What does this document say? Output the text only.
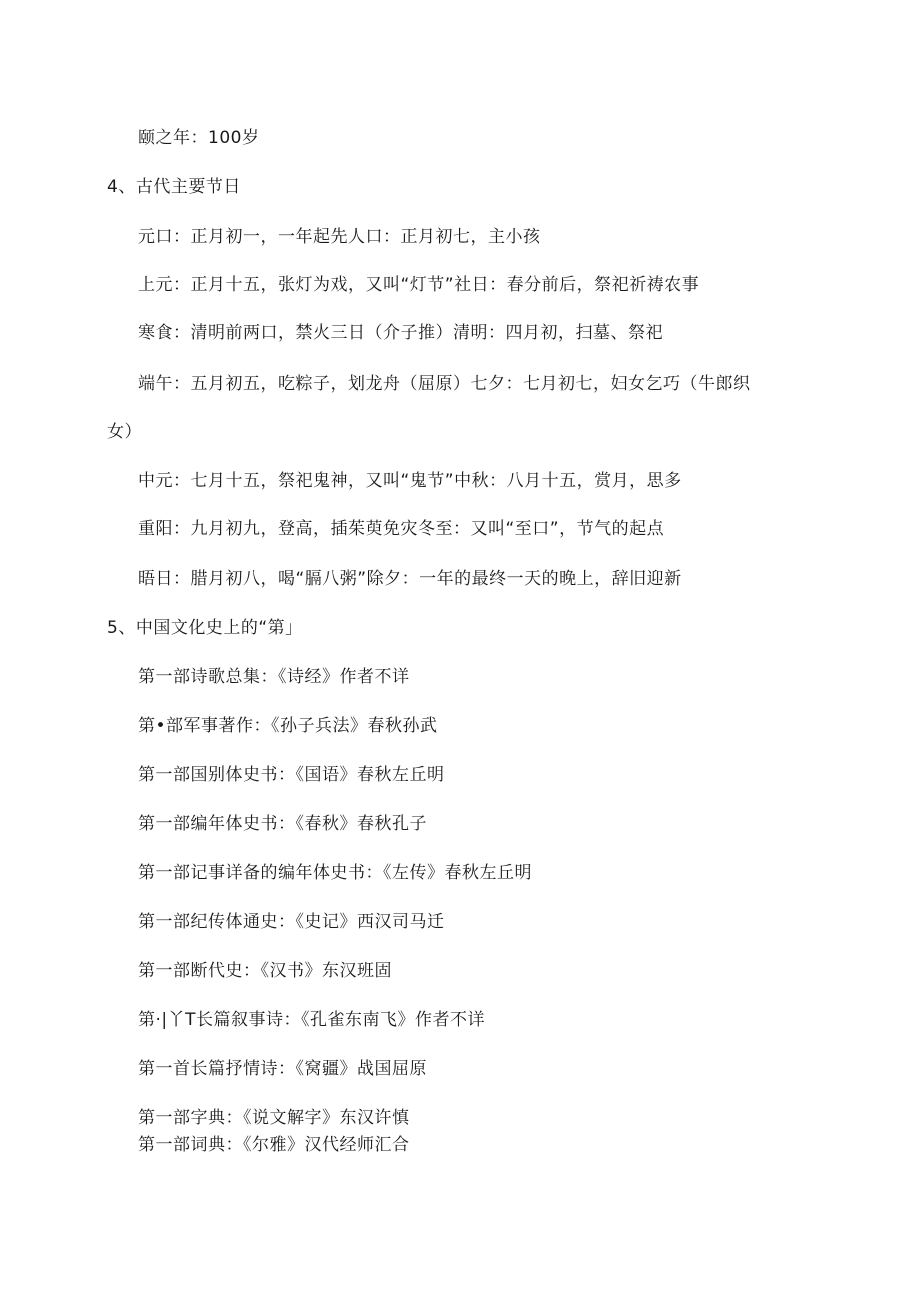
颐之年：100岁
4、古代主要节日
元口：正月初一，一年起先人口：正月初七，主小孩
上元：正月十五，张灯为戏，又叫“灯节”社日：春分前后，祭祀祈祷农事
寒食：清明前两口，禁火三日（介子推）清明：四月初，扫墓、祭祀
端午：五月初五，吃粽子，划龙舟（屈原）七夕：七月初七，妇女乞巧（牛郎织
女）
中元：七月十五，祭祀鬼神，又叫“鬼节”中秋：八月十五，赏月，思多
重阳：九月初九，登高，插茱萸免灾冬至：又叫“至口”，节气的起点
晤日：腊月初八，喝“膈八粥”除夕：一年的最终一天的晚上，辞旧迎新
5、中国文化史上的“第」
第一部诗歌总集：《诗经》作者不详
第•部军事著作：《孙子兵法》春秋孙武
第一部国别体史书：《国语》春秋左丘明
第一部编年体史书：《春秋》春秋孔子
第一部记事详备的编年体史书：《左传》春秋左丘明
第一部纪传体通史：《史记》西汉司马迁
第一部断代史：《汉书》东汉班固
第·|丫T长篇叙事诗：《孔雀东南飞》作者不详
第一首长篇抒情诗：《窝疆》战国屈原
第一部字典：《说文解字》东汉许慎
第一部词典：《尔雅》汉代经师汇合
